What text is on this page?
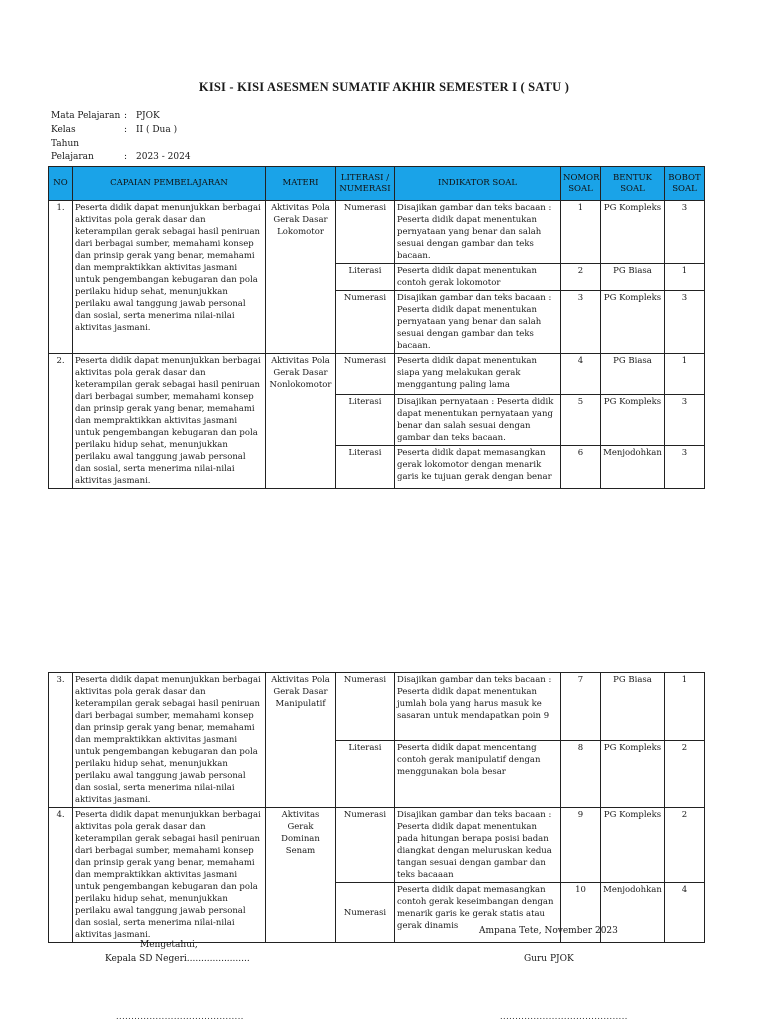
KISI - KISI ASESMEN SUMATIF AKHIR SEMESTER I ( SATU )
Mata Pelajaran : PJOK
Kelas	: II ( Dua )
Tahun Pelajaran	: 2023 - 2024
NO	CAPAIAN PEMBELAJARAN	MATERI	LITERASI / NUMERASI	INDIKATOR SOAL	NOMOR SOAL	BENTUK SOAL	BOBOT SOAL
1.	Peserta didik dapat menunjukkan berbagai aktivitas pola gerak dasar dan keterampilan gerak sebagai hasil peniruan dari berbagai sumber, memahami konsep dan prinsip gerak yang benar, memahami dan mempraktikkan aktivitas jasmani untuk pengembangan kebugaran dan pola perilaku hidup sehat, menunjukkan perilaku awal tanggung jawab personal dan sosial, serta menerima nilai-nilai aktivitas jasmani.	Aktivitas Pola Gerak Dasar Lokomotor	Numerasi	Disajikan gambar dan teks bacaan : Peserta didik dapat menentukan pernyataan yang benar dan salah sesuai dengan gambar dan teks bacaan.	1	PG Kompleks	3
			Literasi	Peserta didik dapat menentukan contoh gerak lokomotor	2	PG Biasa	1
			Numerasi	Disajikan gambar dan teks bacaan : Peserta didik dapat menentukan pernyataan yang benar dan salah sesuai dengan gambar dan teks bacaan.	3	PG Kompleks	3
2.	Peserta didik dapat menunjukkan berbagai aktivitas pola gerak dasar dan keterampilan gerak sebagai hasil peniruan dari berbagai sumber, memahami konsep dan prinsip gerak yang benar, memahami dan mempraktikkan aktivitas jasmani untuk pengembangan kebugaran dan pola perilaku hidup sehat, menunjukkan perilaku awal tanggung jawab personal dan sosial, serta menerima nilai-nilai aktivitas jasmani.	Aktivitas Pola Gerak Dasar Nonlokomotor	Numerasi	Peserta didik dapat menentukan siapa yang melakukan gerak menggantung paling lama	4	PG Biasa	1
			Literasi	Disajikan pernyataan : Peserta didik dapat menentukan pernyataan yang benar dan salah sesuai dengan gambar dan teks bacaan.	5	PG Kompleks	3
			Literasi	Peserta didik dapat memasangkan gerak lokomotor dengan menarik garis ke tujuan gerak dengan benar	6	Menjodohkan	3
3.	Peserta didik dapat menunjukkan berbagai aktivitas pola gerak dasar dan keterampilan gerak sebagai hasil peniruan dari berbagai sumber, memahami konsep dan prinsip gerak yang benar, memahami dan mempraktikkan aktivitas jasmani untuk pengembangan kebugaran dan pola perilaku hidup sehat, menunjukkan perilaku awal tanggung jawab personal dan sosial, serta menerima nilai-nilai aktivitas jasmani.	Aktivitas Pola Gerak Dasar Manipulatif	Numerasi	Disajikan gambar dan teks bacaan : Peserta didik dapat menentukan jumlah bola yang harus masuk ke sasaran untuk mendapatkan poin 9	7	PG Biasa	1
			Literasi	Peserta didik dapat mencentang contoh gerak manipulatif dengan menggunakan bola besar	8	PG Kompleks	2
4.	Peserta didik dapat menunjukkan berbagai aktivitas pola gerak dasar dan keterampilan gerak sebagai hasil peniruan dari berbagai sumber, memahami konsep dan prinsip gerak yang benar, memahami dan mempraktikkan aktivitas jasmani untuk pengembangan kebugaran dan pola perilaku hidup sehat, menunjukkan perilaku awal tanggung jawab personal dan sosial, serta menerima nilai-nilai aktivitas jasmani.	Aktivitas Gerak Dominan Senam	Numerasi	Disajikan gambar dan teks bacaan : Peserta didik dapat menentukan pada hitungan berapa posisi badan diangkat dengan meluruskan kedua tangan sesuai dengan gambar dan teks bacaaan	9	PG Kompleks	2
			Numerasi	Peserta didik dapat memasangkan contoh gerak keseimbangan dengan menarik garis ke gerak statis atau gerak dinamis	10	Menjodohkan	4
Ampana Tete, November 2023
Mengetahui,
Kepala SD Negeri......................	Guru PJOK
..........................................	..........................................
